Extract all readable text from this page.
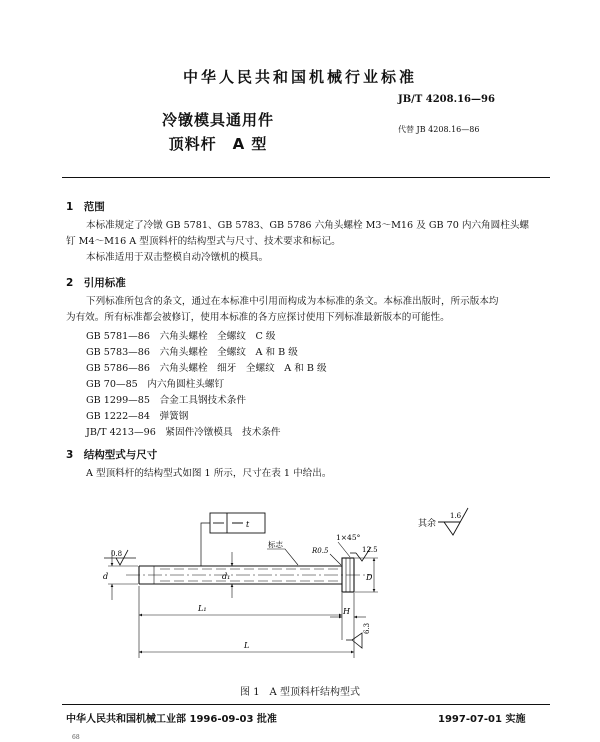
中华人民共和国机械行业标准
JB/T 4208.16—96
冷镦模具通用件
顶料杆　A 型
代替 JB 4208.16—86
1　范围
本标准规定了冷镦 GB 5781、GB 5783、GB 5786 六角头螺栓 M3～M16 及 GB 70 内六角圆柱头螺
钉 M4～M16 A 型顶料杆的结构型式与尺寸、技术要求和标记。
本标准适用于双击整模自动冷镦机的模具。
2　引用标准
下列标准所包含的条文，通过在本标准中引用而构成为本标准的条文。本标准出版时，所示版本均
为有效。所有标准都会被修订，使用本标准的各方应探讨使用下列标准最新版本的可能性。
GB 5781—86　六角头螺栓　全螺纹　C 级
GB 5783—86　六角头螺栓　全螺纹　A 和 B 级
GB 5786—86　六角头螺栓　细牙　全螺纹　A 和 B 级
GB 70—85　内六角圆柱头螺钉
GB 1299—85　合金工具钢技术条件
GB 1222—84　弹簧钢
JB/T 4213—96　紧固件冷镦模具　技术条件
3　结构型式与尺寸
A 型顶料杆的结构型式如图 1 所示，尺寸在表 1 中给出。
d	d₁	D
L₁	H
L
t
0.8
标志
1×45°
R0.5	12.5
6.3
其余
1.6
图 1　A 型顶料杆结构型式
中华人民共和国机械工业部 1996-09-03 批准	1997-07-01 实施
68
